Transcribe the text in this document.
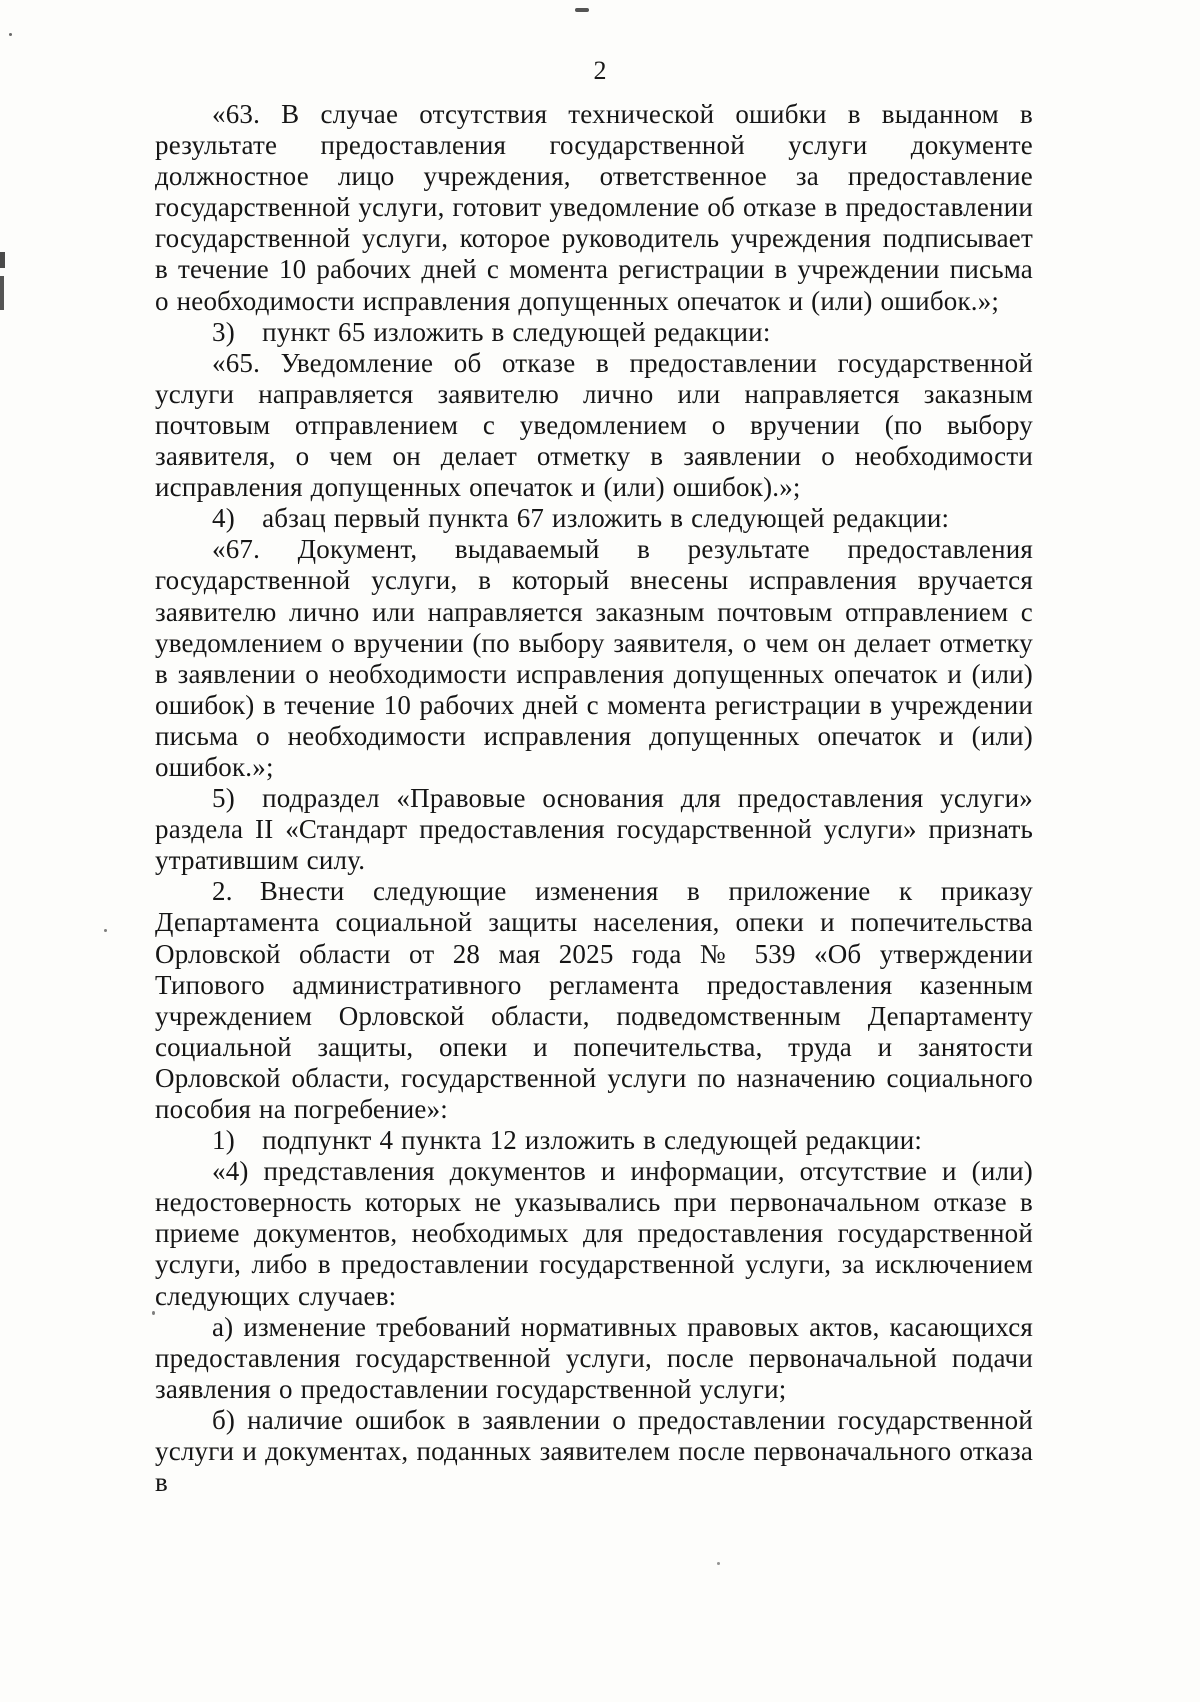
2

«63. В случае отсутствия технической ошибки в выданном в результате предоставления государственной услуги документе должностное лицо учреждения, ответственное за предоставление государственной услуги, готовит уведомление об отказе в предоставлении государственной услуги, которое руководитель учреждения подписывает в течение 10 рабочих дней с момента регистрации в учреждении письма о необходимости исправления допущенных опечаток и (или) ошибок.»;

3) пункт 65 изложить в следующей редакции:

«65. Уведомление об отказе в предоставлении государственной услуги направляется заявителю лично или направляется заказным почтовым отправлением с уведомлением о вручении (по выбору заявителя, о чем он делает отметку в заявлении о необходимости исправления допущенных опечаток и (или) ошибок).»;

4) абзац первый пункта 67 изложить в следующей редакции:

«67. Документ, выдаваемый в результате предоставления государственной услуги, в который внесены исправления вручается заявителю лично или направляется заказным почтовым отправлением с уведомлением о вручении (по выбору заявителя, о чем он делает отметку в заявлении о необходимости исправления допущенных опечаток и (или) ошибок) в течение 10 рабочих дней с момента регистрации в учреждении письма о необходимости исправления допущенных опечаток и (или) ошибок.»;

5) подраздел «Правовые основания для предоставления услуги» раздела II «Стандарт предоставления государственной услуги» признать утратившим силу.

2. Внести следующие изменения в приложение к приказу Департамента социальной защиты населения, опеки и попечительства Орловской области от 28 мая 2025 года № 539 «Об утверждении Типового административного регламента предоставления казенным учреждением Орловской области, подведомственным Департаменту социальной защиты, опеки и попечительства, труда и занятости Орловской области, государственной услуги по назначению социального пособия на погребение»:

1) подпункт 4 пункта 12 изложить в следующей редакции:

«4) представления документов и информации, отсутствие и (или) недостоверность которых не указывались при первоначальном отказе в приеме документов, необходимых для предоставления государственной услуги, либо в предоставлении государственной услуги, за исключением следующих случаев:

а) изменение требований нормативных правовых актов, касающихся предоставления государственной услуги, после первоначальной подачи заявления о предоставлении государственной услуги;

б) наличие ошибок в заявлении о предоставлении государственной услуги и документах, поданных заявителем после первоначального отказа в
